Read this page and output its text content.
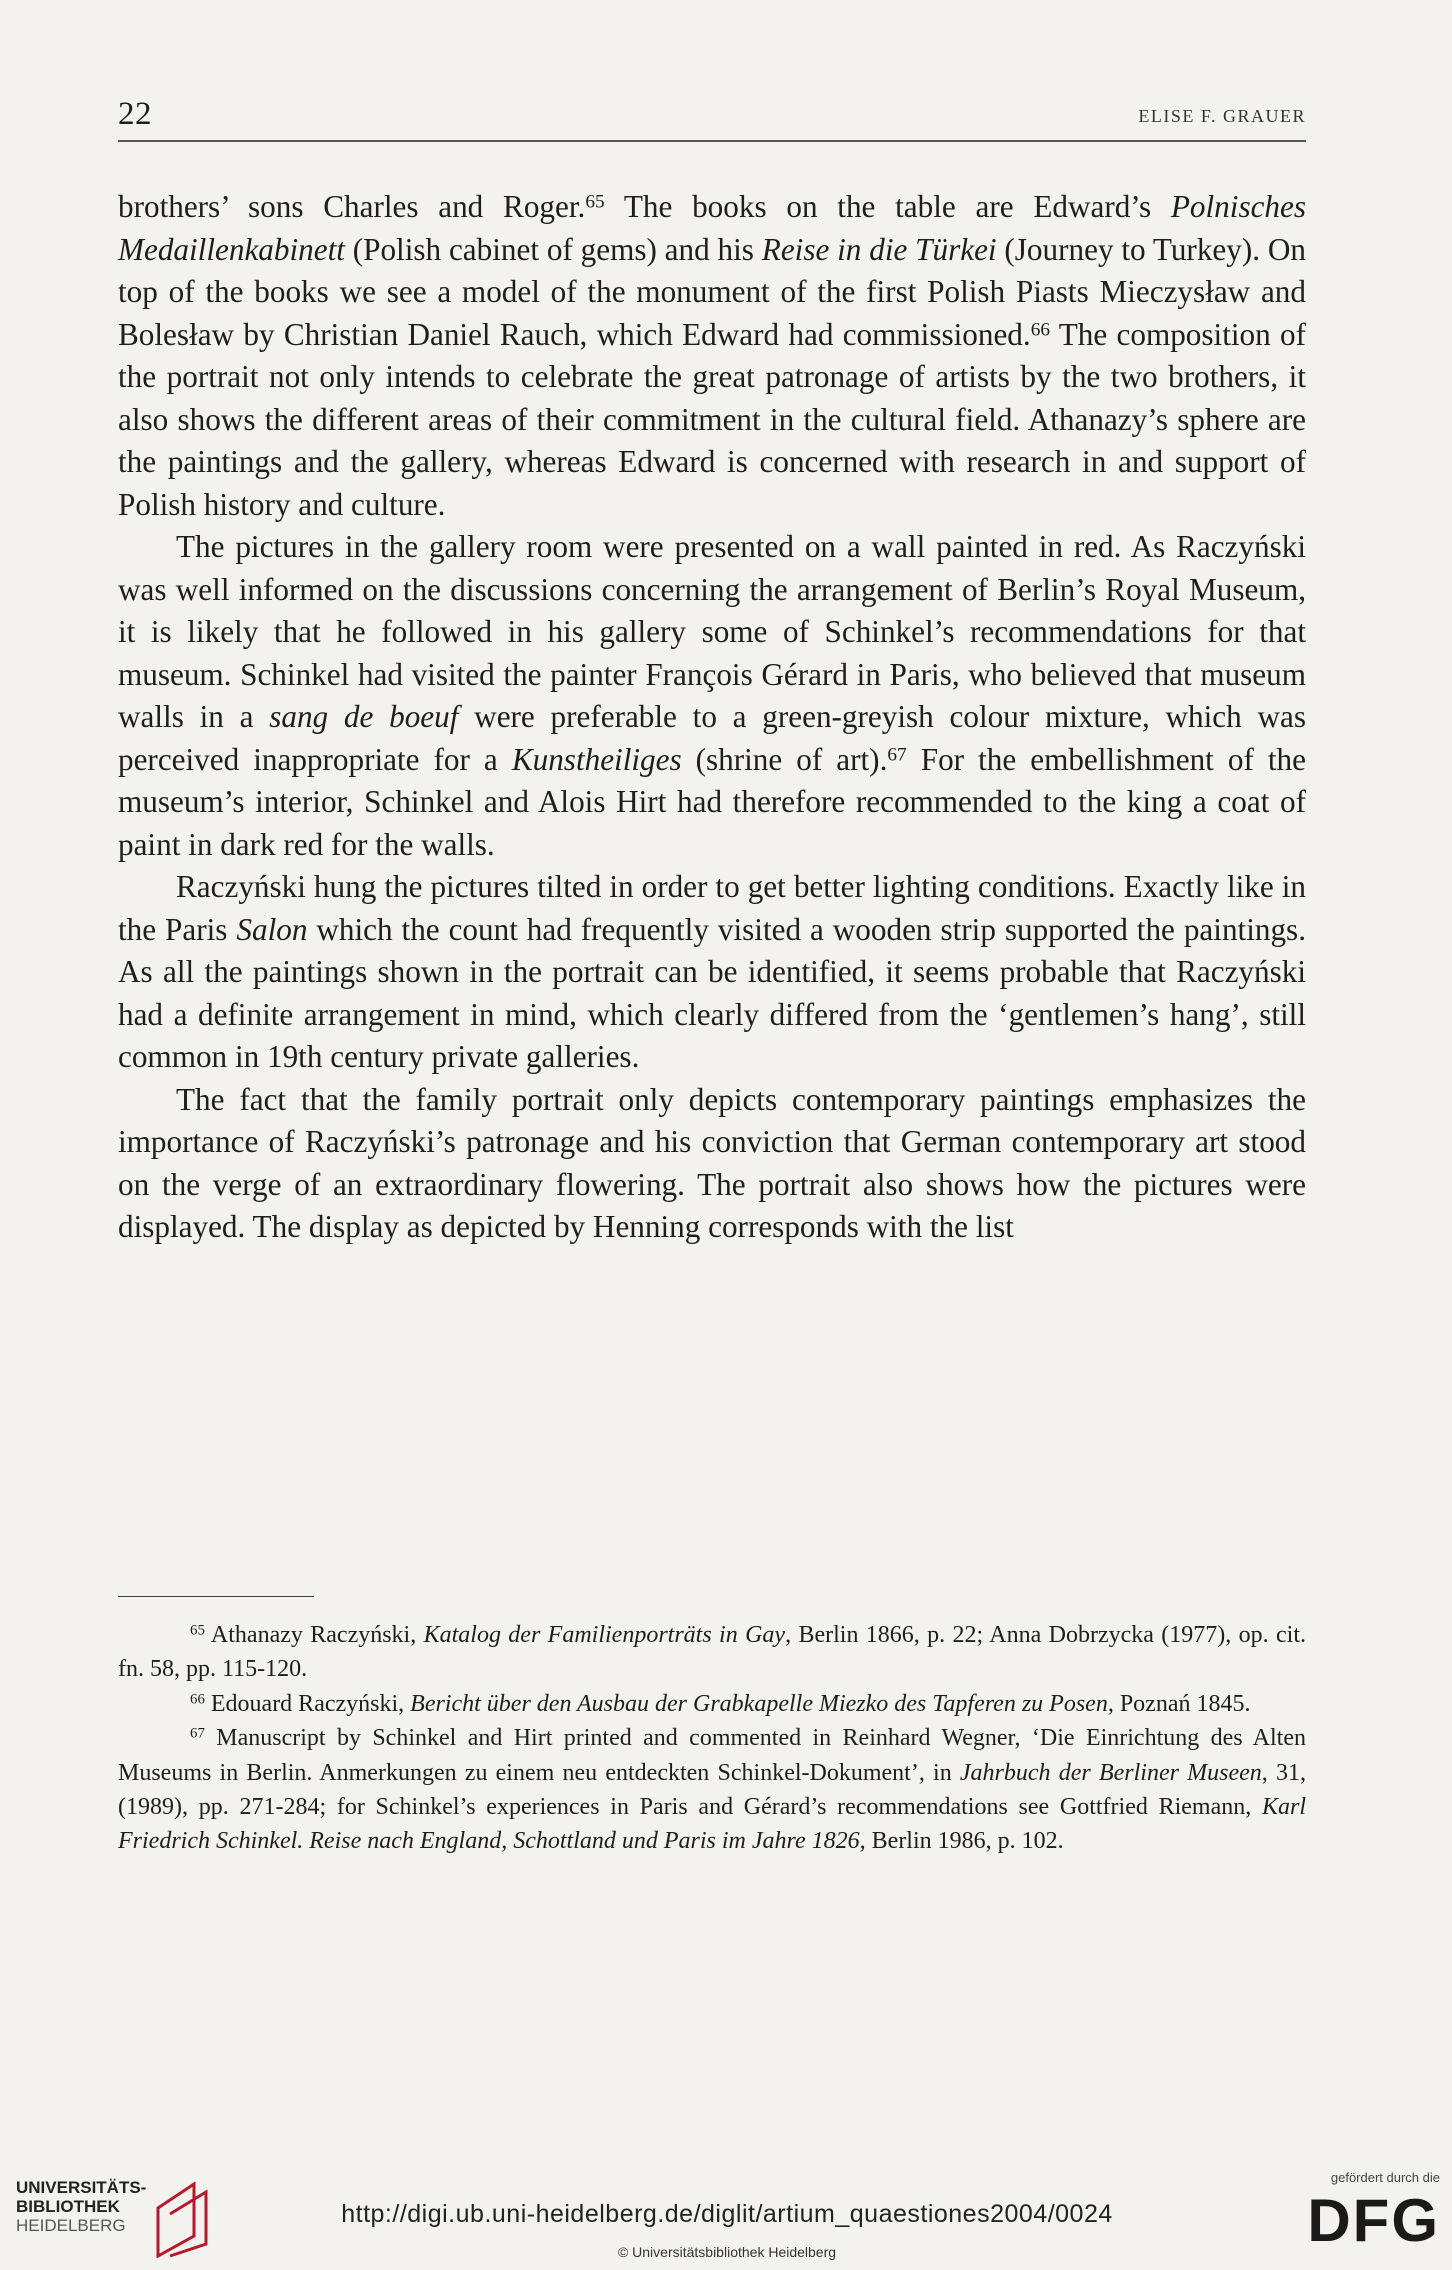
22	ELISE F. GRAUER

brothers’ sons Charles and Roger.$^{65}$ The books on the table are Edward’s Polnisches Medaillenkabinett (Polish cabinet of gems) and his Reise in die Türkei (Journey to Turkey). On top of the books we see a model of the monument of the first Polish Piasts Mieczysław and Bolesław by Christian Daniel Rauch, which Edward had commissioned.$^{66}$ The composition of the portrait not only intends to celebrate the great patronage of artists by the two brothers, it also shows the different areas of their commitment in the cultural field. Athanazy’s sphere are the paintings and the gallery, whereas Edward is concerned with research in and support of Polish history and culture.

The pictures in the gallery room were presented on a wall painted in red. As Raczyński was well informed on the discussions concerning the arrangement of Berlin’s Royal Museum, it is likely that he followed in his gallery some of Schinkel’s recommendations for that museum. Schinkel had visited the painter François Gérard in Paris, who believed that museum walls in a sang de boeuf were preferable to a green-greyish colour mixture, which was perceived inappropriate for a Kunstheiliges (shrine of art).$^{67}$ For the embellishment of the museum’s interior, Schinkel and Alois Hirt had therefore recommended to the king a coat of paint in dark red for the walls.

Raczyński hung the pictures tilted in order to get better lighting conditions. Exactly like in the Paris Salon which the count had frequently visited a wooden strip supported the paintings. As all the paintings shown in the portrait can be identified, it seems probable that Raczyński had a definite arrangement in mind, which clearly differed from the ‘gentlemen’s hang’, still common in 19th century private galleries.

The fact that the family portrait only depicts contemporary paintings emphasizes the importance of Raczyński’s patronage and his conviction that German contemporary art stood on the verge of an extraordinary flowering. The portrait also shows how the pictures were displayed. The display as depicted by Henning corresponds with the list

$^{65}$ Athanazy Raczyński, Katalog der Familienporträts in Gay, Berlin 1866, p. 22; Anna Dobrzycka (1977), op. cit. fn. 58, pp. 115-120.

$^{66}$ Edouard Raczyński, Bericht über den Ausbau der Grabkapelle Miezko des Tapferen zu Posen, Poznań 1845.

$^{67}$ Manuscript by Schinkel and Hirt printed and commented in Reinhard Wegner, ‘Die Einrichtung des Alten Museums in Berlin. Anmerkungen zu einem neu entdeckten Schinkel-Dokument’, in Jahrbuch der Berliner Museen, 31, (1989), pp. 271-284; for Schinkel’s experiences in Paris and Gérard’s recommendations see Gottfried Riemann, Karl Friedrich Schinkel. Reise nach England, Schottland und Paris im Jahre 1826, Berlin 1986, p. 102.

UNIVERSITÄTS-
BIBLIOTHEK
HEIDELBERG	http://digi.ub.uni-heidelberg.de/diglit/artium_quaestiones2004/0024
© Universitätsbibliothek Heidelberg
gefördert durch die
DFG
